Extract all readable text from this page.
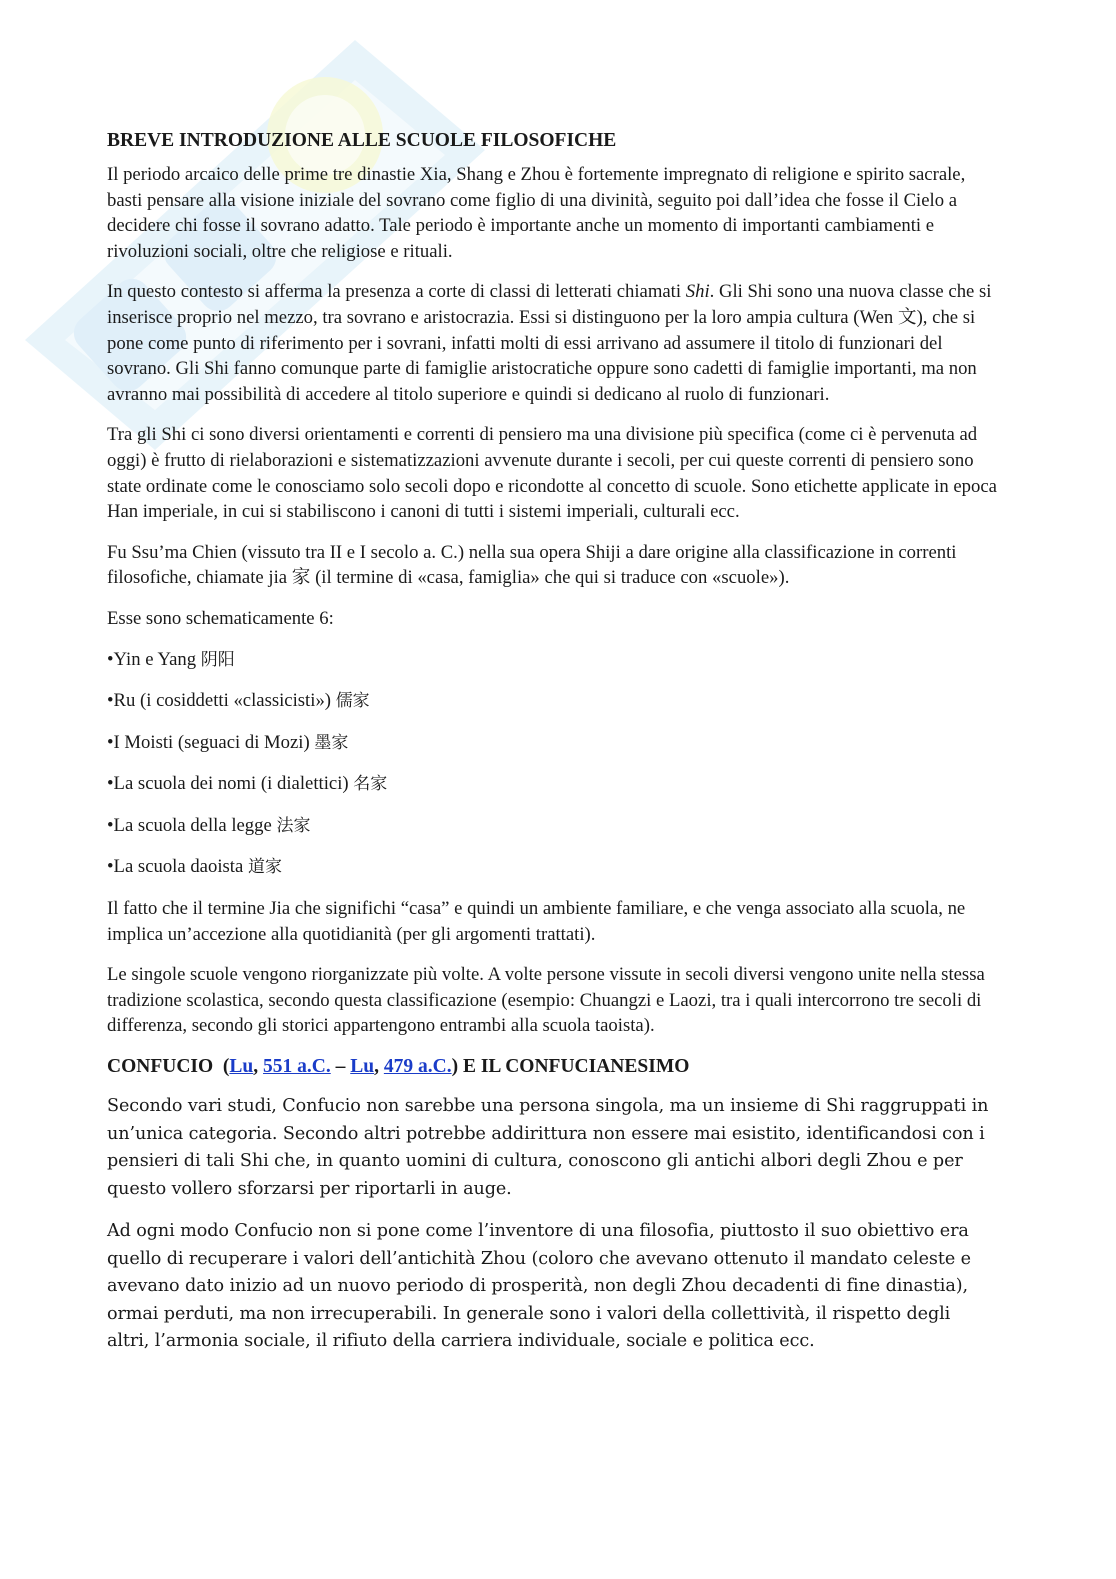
BREVE INTRODUZIONE ALLE SCUOLE FILOSOFICHE

Il periodo arcaico delle prime tre dinastie Xia, Shang e Zhou è fortemente impregnato di religione e spirito sacrale, basti pensare alla visione iniziale del sovrano come figlio di una divinità, seguito poi dall’idea che fosse il Cielo a decidere chi fosse il sovrano adatto. Tale periodo è importante anche un momento di importanti cambiamenti e rivoluzioni sociali, oltre che religiose e rituali.

In questo contesto si afferma la presenza a corte di classi di letterati chiamati Shi. Gli Shi sono una nuova classe che si inserisce proprio nel mezzo, tra sovrano e aristocrazia. Essi si distinguono per la loro ampia cultura (Wen 文), che si pone come punto di riferimento per i sovrani, infatti molti di essi arrivano ad assumere il titolo di funzionari del sovrano. Gli Shi fanno comunque parte di famiglie aristocratiche oppure sono cadetti di famiglie importanti, ma non avranno mai possibilità di accedere al titolo superiore e quindi si dedicano al ruolo di funzionari.

Tra gli Shi ci sono diversi orientamenti e correnti di pensiero ma una divisione più specifica (come ci è pervenuta ad oggi) è frutto di rielaborazioni e sistematizzazioni avvenute durante i secoli, per cui queste correnti di pensiero sono state ordinate come le conosciamo solo secoli dopo e ricondotte al concetto di scuole. Sono etichette applicate in epoca Han imperiale, in cui si stabiliscono i canoni di tutti i sistemi imperiali, culturali ecc.

Fu Ssu’ma Chien (vissuto tra II e I secolo a. C.) nella sua opera Shiji a dare origine alla classificazione in correnti filosofiche, chiamate jia 家 (il termine di «casa, famiglia» che qui si traduce con «scuole»).

Esse sono schematicamente 6:

•Yin e Yang 阴阳
•Ru (i cosiddetti «classicisti») 儒家
•I Moisti (seguaci di Mozi) 墨家
•La scuola dei nomi (i dialettici) 名家
•La scuola della legge 法家
•La scuola daoista 道家

Il fatto che il termine Jia che significhi “casa” e quindi un ambiente familiare, e che venga associato alla scuola, ne implica un’accezione alla quotidianità (per gli argomenti trattati).

Le singole scuole vengono riorganizzate più volte. A volte persone vissute in secoli diversi vengono unite nella stessa tradizione scolastica, secondo questa classificazione (esempio: Chuangzi e Laozi, tra i quali intercorrono tre secoli di differenza, secondo gli storici appartengono entrambi alla scuola taoista).

CONFUCIO (Lu, 551 a.C. – Lu, 479 a.C.) E IL CONFUCIANESIMO

Secondo vari studi, Confucio non sarebbe una persona singola, ma un insieme di Shi raggruppati in un’unica categoria. Secondo altri potrebbe addirittura non essere mai esistito, identificandosi con i pensieri di tali Shi che, in quanto uomini di cultura, conoscono gli antichi albori degli Zhou e per questo vollero sforzarsi per riportarli in auge.

Ad ogni modo Confucio non si pone come l’inventore di una filosofia, piuttosto il suo obiettivo era quello di recuperare i valori dell’antichità Zhou (coloro che avevano ottenuto il mandato celeste e avevano dato inizio ad un nuovo periodo di prosperità, non degli Zhou decadenti di fine dinastia), ormai perduti, ma non irrecuperabili. In generale sono i valori della collettività, il rispetto degli altri, l’armonia sociale, il rifiuto della carriera individuale, sociale e politica ecc.
